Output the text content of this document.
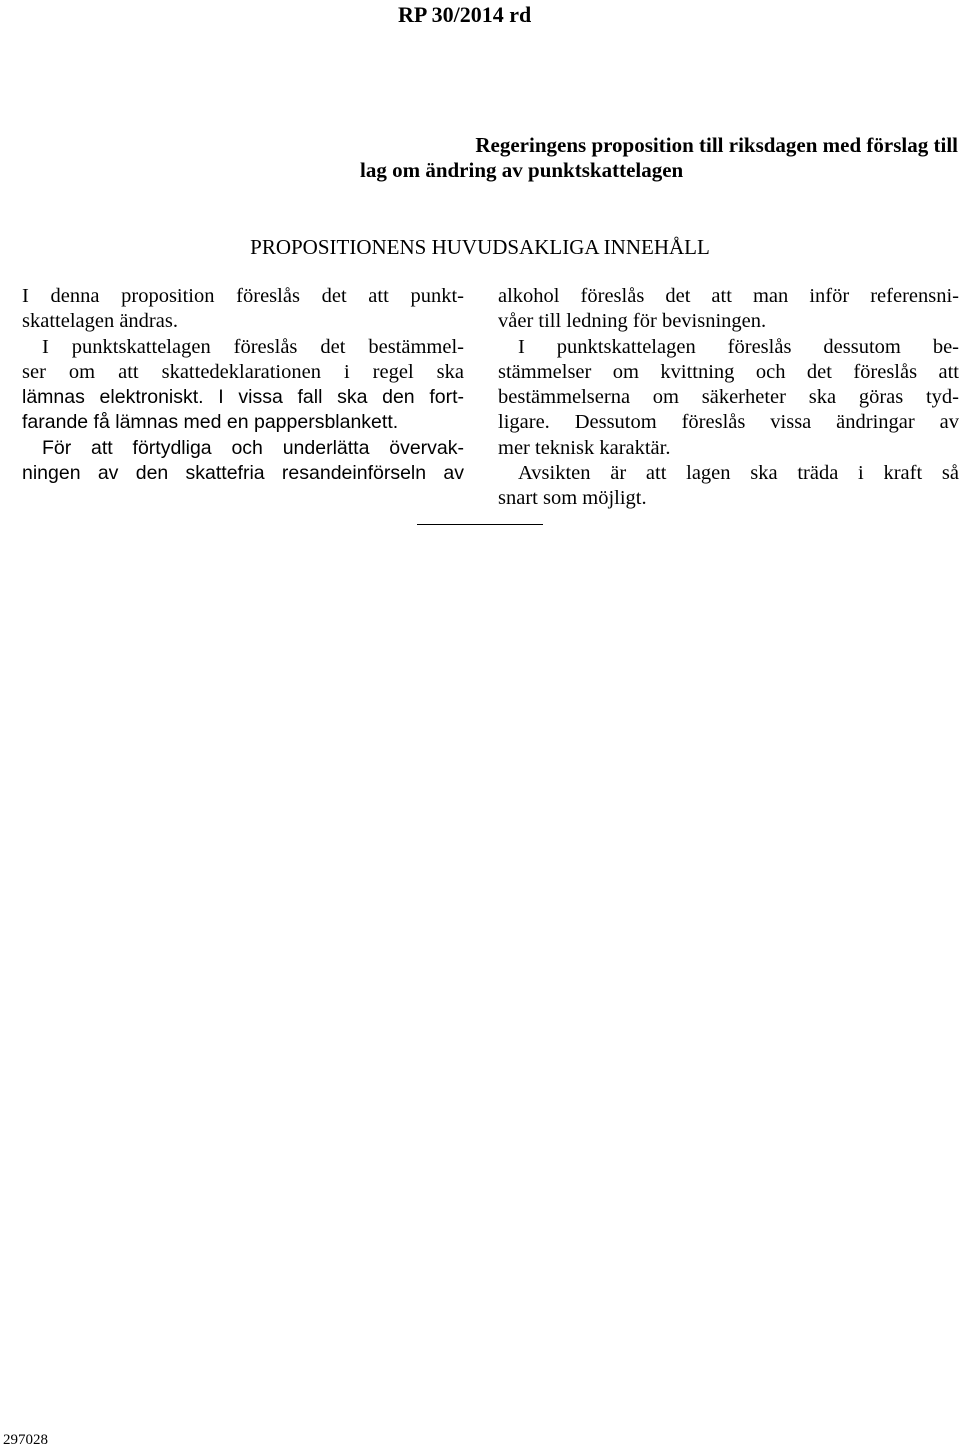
RP 30/2014 rd
Regeringens proposition till riksdagen med förslag till
lag om ändring av punktskattelagen
PROPOSITIONENS HUVUDSAKLIGA INNEHÅLL
I denna proposition föreslås det att punkt-
skattelagen ändras.
I punktskattelagen föreslås det bestämmel-
ser om att skattedeklarationen i regel ska
lämnas elektroniskt. I vissa fall ska den fort-
farande få lämnas med en pappersblankett.
För att förtydliga och underlätta övervak-
ningen av den skattefria resandeinförseln av
alkohol föreslås det att man inför referensni-
våer till ledning för bevisningen.
I punktskattelagen föreslås dessutom be-
stämmelser om kvittning och det föreslås att
bestämmelserna om säkerheter ska göras tyd-
ligare. Dessutom föreslås vissa ändringar av
mer teknisk karaktär.
Avsikten är att lagen ska träda i kraft så
snart som möjligt.
297028
